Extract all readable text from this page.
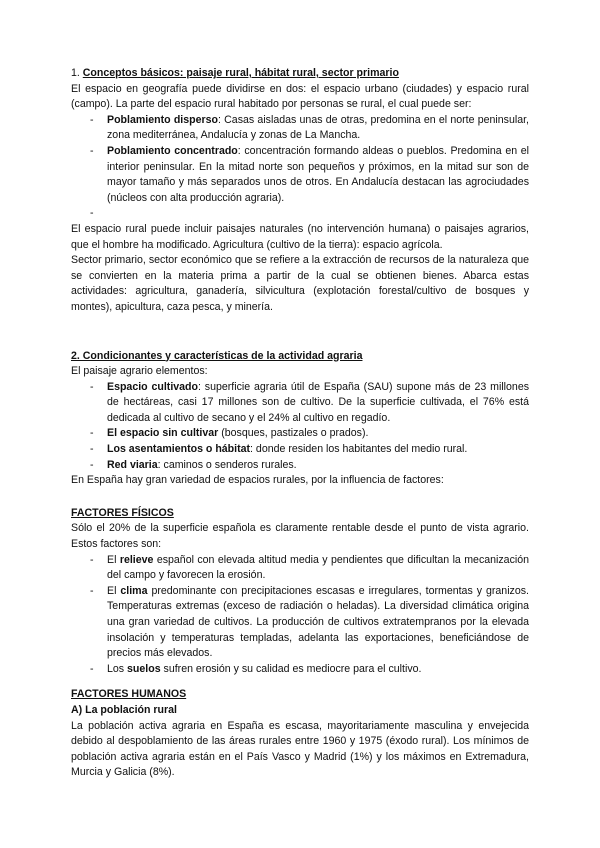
1. Conceptos básicos: paisaje rural, hábitat rural, sector primario

El espacio en geografía puede dividirse en dos: el espacio urbano (ciudades) y espacio rural (campo). La parte del espacio rural habitado por personas se rural, el cual puede ser:

- Poblamiento disperso: Casas aisladas unas de otras, predomina en el norte peninsular, zona mediterránea, Andalucía y zonas de La Mancha.
- Poblamiento concentrado: concentración formando aldeas o pueblos. Predomina en el interior peninsular. En la mitad norte son pequeños y próximos, en la mitad sur son de mayor tamaño y más separados unos de otros. En Andalucía destacan las agrociudades (núcleos con alta producción agraria).
-

El espacio rural puede incluir paisajes naturales (no intervención humana) o paisajes agrarios, que el hombre ha modificado. Agricultura (cultivo de la tierra): espacio agrícola.

Sector primario, sector económico que se refiere a la extracción de recursos de la naturaleza que se convierten en la materia prima a partir de la cual se obtienen bienes. Abarca estas actividades: agricultura, ganadería, silvicultura (explotación forestal/cultivo de bosques y montes), apicultura, caza pesca, y minería.

2. Condicionantes y características de la actividad agraria

El paisaje agrario elementos:

- Espacio cultivado: superficie agraria útil de España (SAU) supone más de 23 millones de hectáreas, casi 17 millones son de cultivo. De la superficie cultivada, el 76% está dedicada al cultivo de secano y el 24% al cultivo en regadío.
- El espacio sin cultivar (bosques, pastizales o prados).
- Los asentamientos o hábitat: donde residen los habitantes del medio rural.
- Red viaria: caminos o senderos rurales.

En España hay gran variedad de espacios rurales, por la influencia de factores:

FACTORES FÍSICOS

Sólo el 20% de la superficie española es claramente rentable desde el punto de vista agrario. Estos factores son:

- El relieve español con elevada altitud media y pendientes que dificultan la mecanización del campo y favorecen la erosión.
- El clima predominante con precipitaciones escasas e irregulares, tormentas y granizos. Temperaturas extremas (exceso de radiación o heladas). La diversidad climática origina una gran variedad de cultivos. La producción de cultivos extratempranos por la elevada insolación y temperaturas templadas, adelanta las exportaciones, beneficiándose de precios más elevados.
- Los suelos sufren erosión y su calidad es mediocre para el cultivo.

FACTORES HUMANOS

A) La población rural

La población activa agraria en España es escasa, mayoritariamente masculina y envejecida debido al despoblamiento de las áreas rurales entre 1960 y 1975 (éxodo rural). Los mínimos de población activa agraria están en el País Vasco y Madrid (1%) y los máximos en Extremadura, Murcia y Galicia (8%).
